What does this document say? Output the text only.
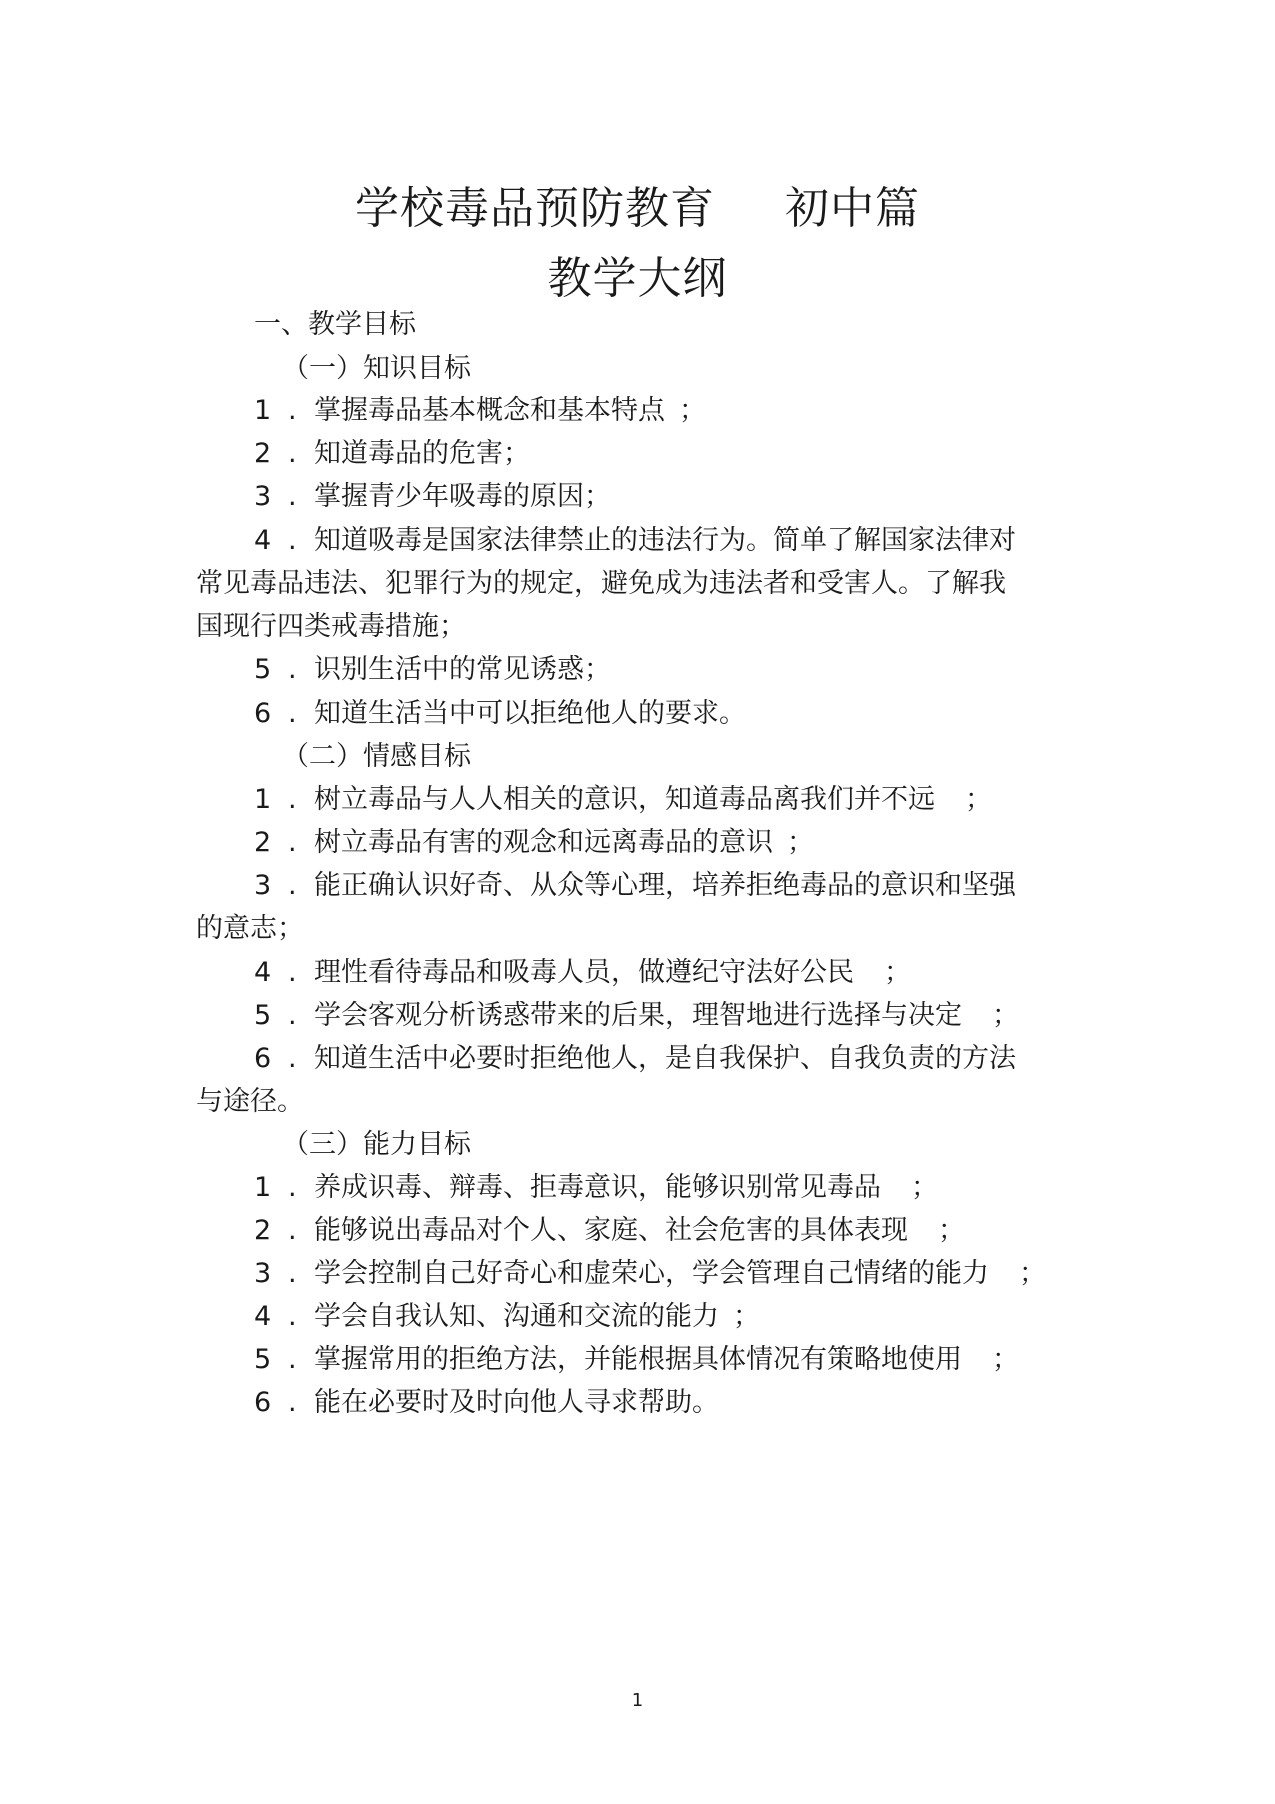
学校毒品预防教育 初中篇
教学大纲
一、教学目标
（一）知识目标
1 . 掌握毒品基本概念和基本特点 ；
2 . 知道毒品的危害；
3 . 掌握青少年吸毒的原因；
4 . 知道吸毒是国家法律禁止的违法行为。简单了解国家法律对
常见毒品违法、犯罪行为的规定，避免成为违法者和受害人。了解我
国现行四类戒毒措施；
5 . 识别生活中的常见诱惑；
6 . 知道生活当中可以拒绝他人的要求。
（二）情感目标
1 . 树立毒品与人人相关的意识，知道毒品离我们并不远 ；
2 . 树立毒品有害的观念和远离毒品的意识 ；
3 . 能正确认识好奇、从众等心理，培养拒绝毒品的意识和坚强
的意志；
4 . 理性看待毒品和吸毒人员，做遵纪守法好公民 ；
5 . 学会客观分析诱惑带来的后果，理智地进行选择与决定 ；
6 . 知道生活中必要时拒绝他人，是自我保护、自我负责的方法
与途径。
（三）能力目标
1 . 养成识毒、辩毒、拒毒意识，能够识别常见毒品 ；
2 . 能够说出毒品对个人、家庭、社会危害的具体表现 ；
3 . 学会控制自己好奇心和虚荣心，学会管理自己情绪的能力 ；
4 . 学会自我认知、沟通和交流的能力 ；
5 . 掌握常用的拒绝方法，并能根据具体情况有策略地使用 ；
6 . 能在必要时及时向他人寻求帮助。
1
